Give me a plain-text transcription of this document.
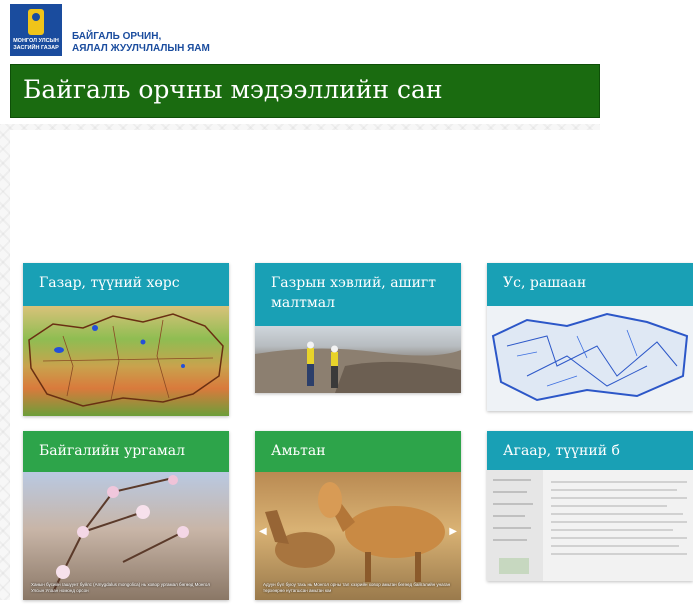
МОНГОЛ УЛСЫН
ЗАСГИЙН ГАЗАР
БАЙГАЛЬ ОРЧИН,
АЯЛАЛ ЖУУЛЧЛАЛЫН ЯАМ
Байгаль орчны мэдээллийн сан
Газар, түүний хөрс	Газрын хэвлий, ашигт малтмал
Ус, рашаан
Байгалийн ургамал
Ханын бүсийн гашуунт буйлс (Amygdalus mongolica) нь ховор ургамал бөгөөд Монгол Улсын Улаан номонд орсон
Амьтан
◀	▶
Адуун бүл буюу тахь нь Монгол орны тал хээрийн ховор амьтан бөгөөд байгалийн унаган төрхөөрөө нутагшсан амьтан юм
Агаар, түүний б
